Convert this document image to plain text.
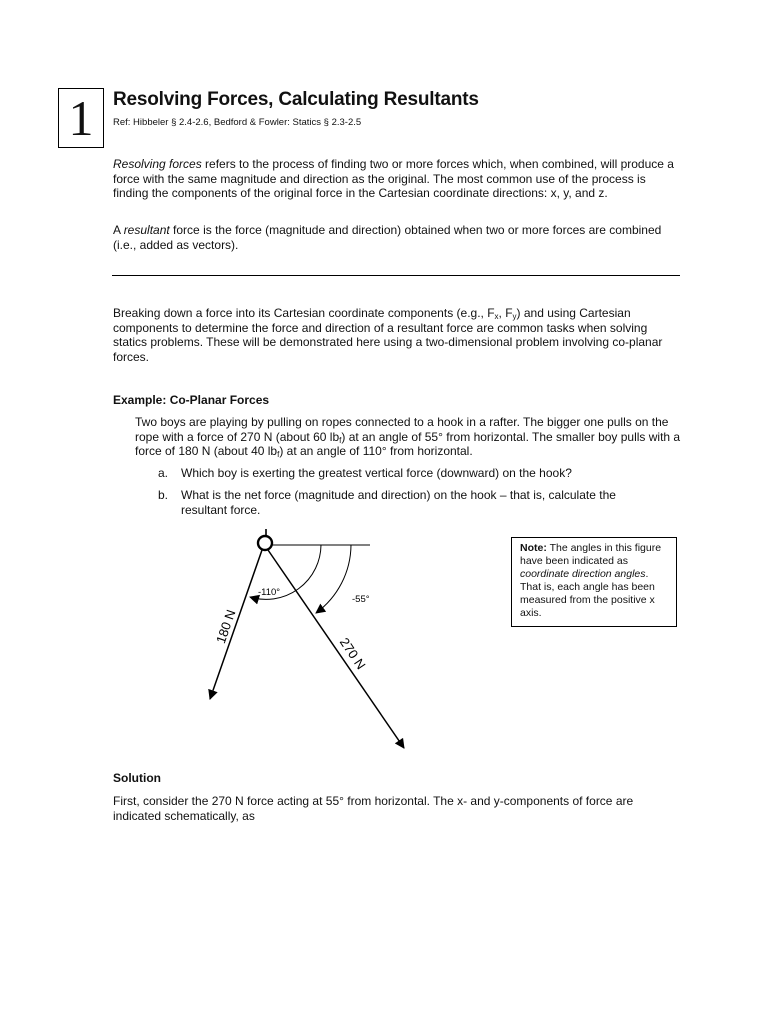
1	Resolving Forces, Calculating Resultants
Ref: Hibbeler § 2.4-2.6, Bedford & Fowler: Statics § 2.3-2.5

Resolving forces refers to the process of finding two or more forces which, when combined, will produce a force with the same magnitude and direction as the original. The most common use of the process is finding the components of the original force in the Cartesian coordinate directions: x, y, and z.

A resultant force is the force (magnitude and direction) obtained when two or more forces are combined (i.e., added as vectors).

Breaking down a force into its Cartesian coordinate components (e.g., $F_x$, $F_y$) and using Cartesian components to determine the force and direction of a resultant force are common tasks when solving statics problems. These will be demonstrated here using a two-dimensional problem involving co-planar forces.

Example: Co-Planar Forces

Two boys are playing by pulling on ropes connected to a hook in a rafter. The bigger one pulls on the rope with a force of 270 N (about 60 $lb_f$) at an angle of 55° from horizontal. The smaller boy pulls with a force of 180 N (about 40 $lb_f$) at an angle of 110° from horizontal.

a. Which boy is exerting the greatest vertical force (downward) on the hook?
b. What is the net force (magnitude and direction) on the hook – that is, calculate the resultant force.
-110°
-55°
180 N
270 N
Note: The angles in this figure have been indicated as coordinate direction angles. That is, each angle has been measured from the positive x axis.
Solution

First, consider the 270 N force acting at 55° from horizontal. The x- and y-components of force are indicated schematically, as
